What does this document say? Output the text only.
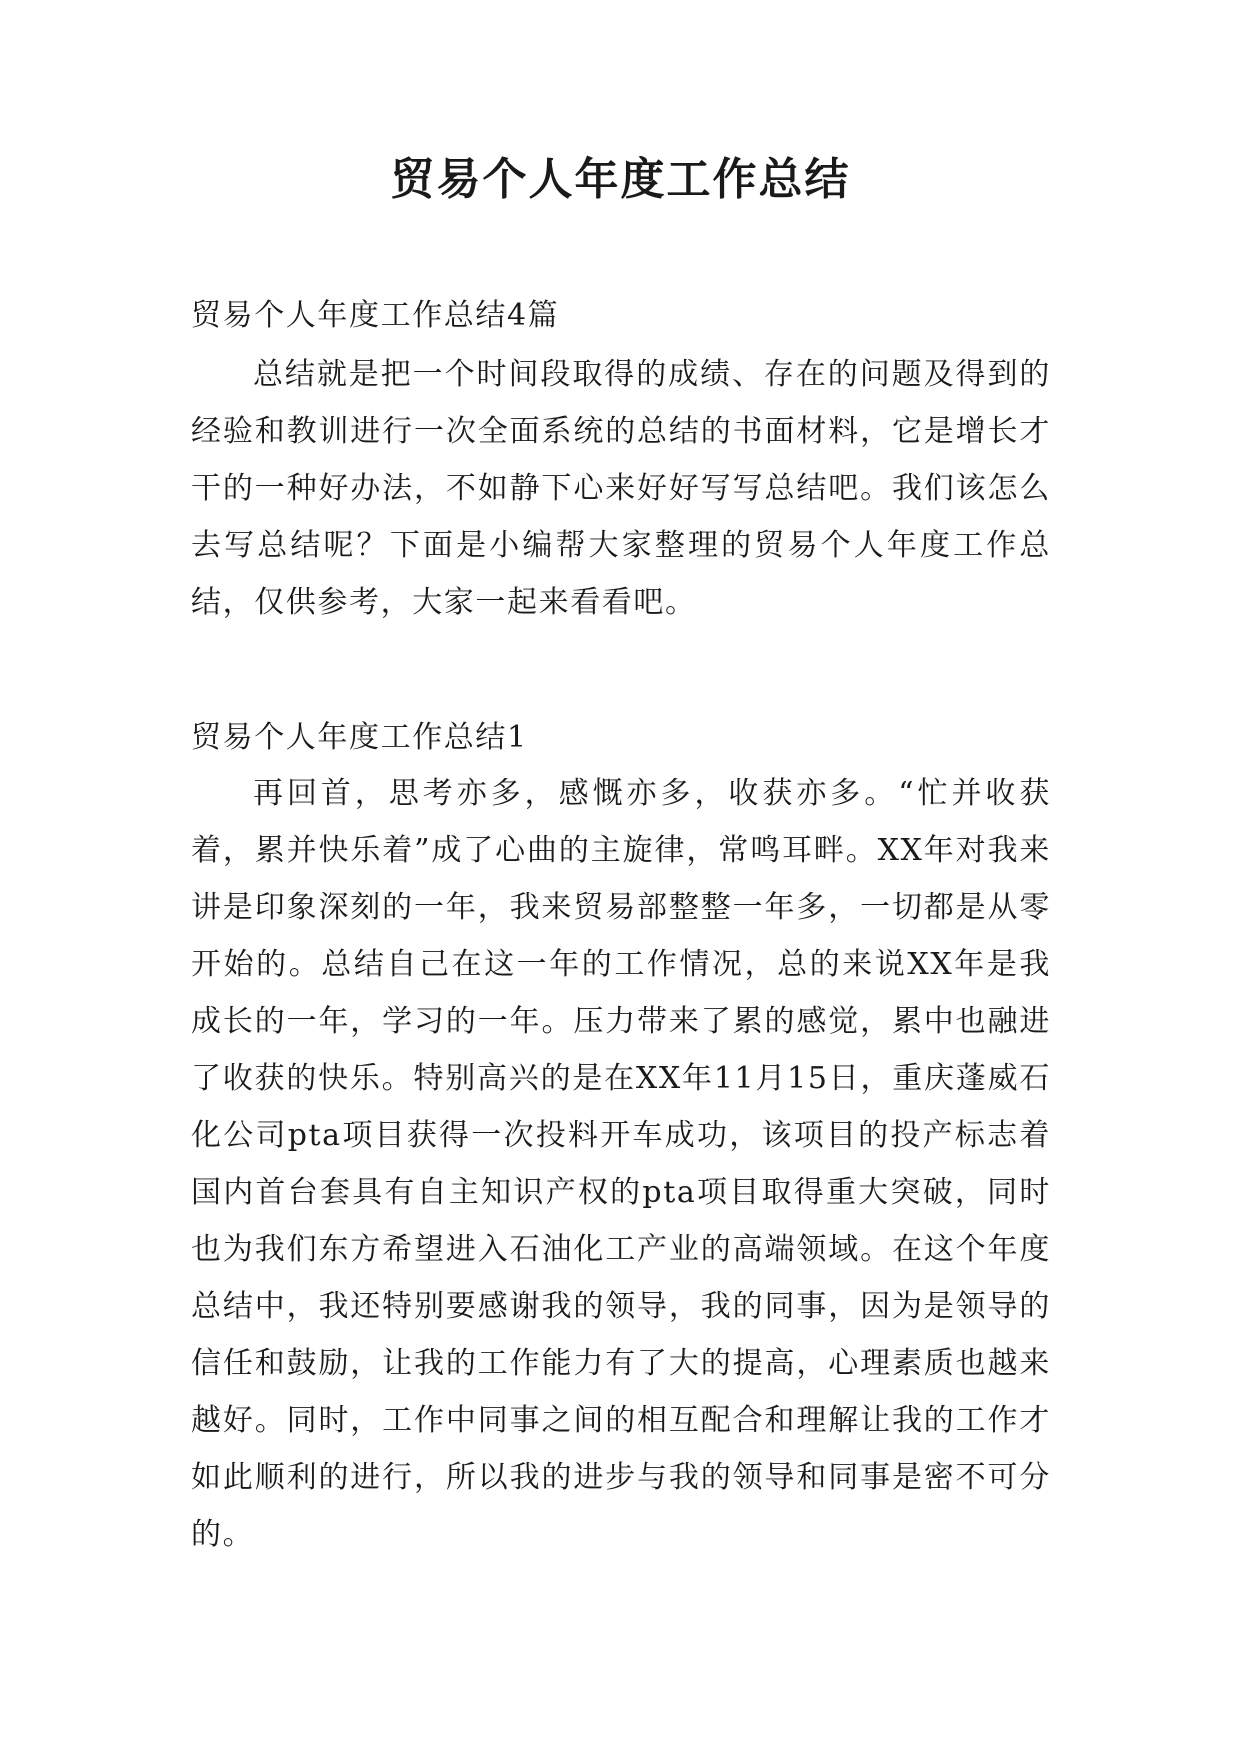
贸易个人年度工作总结

贸易个人年度工作总结4篇

总结就是把一个时间段取得的成绩、存在的问题及得到的经验和教训进行一次全面系统的总结的书面材料，它是增长才干的一种好办法，不如静下心来好好写写总结吧。我们该怎么去写总结呢？下面是小编帮大家整理的贸易个人年度工作总结，仅供参考，大家一起来看看吧。

贸易个人年度工作总结1

再回首，思考亦多，感慨亦多，收获亦多。“忙并收获着，累并快乐着”成了心曲的主旋律，常鸣耳畔。XX年对我来讲是印象深刻的一年，我来贸易部整整一年多，一切都是从零开始的。总结自己在这一年的工作情况，总的来说XX年是我成长的一年，学习的一年。压力带来了累的感觉，累中也融进了收获的快乐。特别高兴的是在XX年11月15日，重庆蓬威石化公司pta项目获得一次投料开车成功，该项目的投产标志着国内首台套具有自主知识产权的pta项目取得重大突破，同时也为我们东方希望进入石油化工产业的高端领域。在这个年度总结中，我还特别要感谢我的领导，我的同事，因为是领导的信任和鼓励，让我的工作能力有了大的提高，心理素质也越来越好。同时，工作中同事之间的相互配合和理解让我的工作才如此顺利的进行，所以我的进步与我的领导和同事是密不可分的。
